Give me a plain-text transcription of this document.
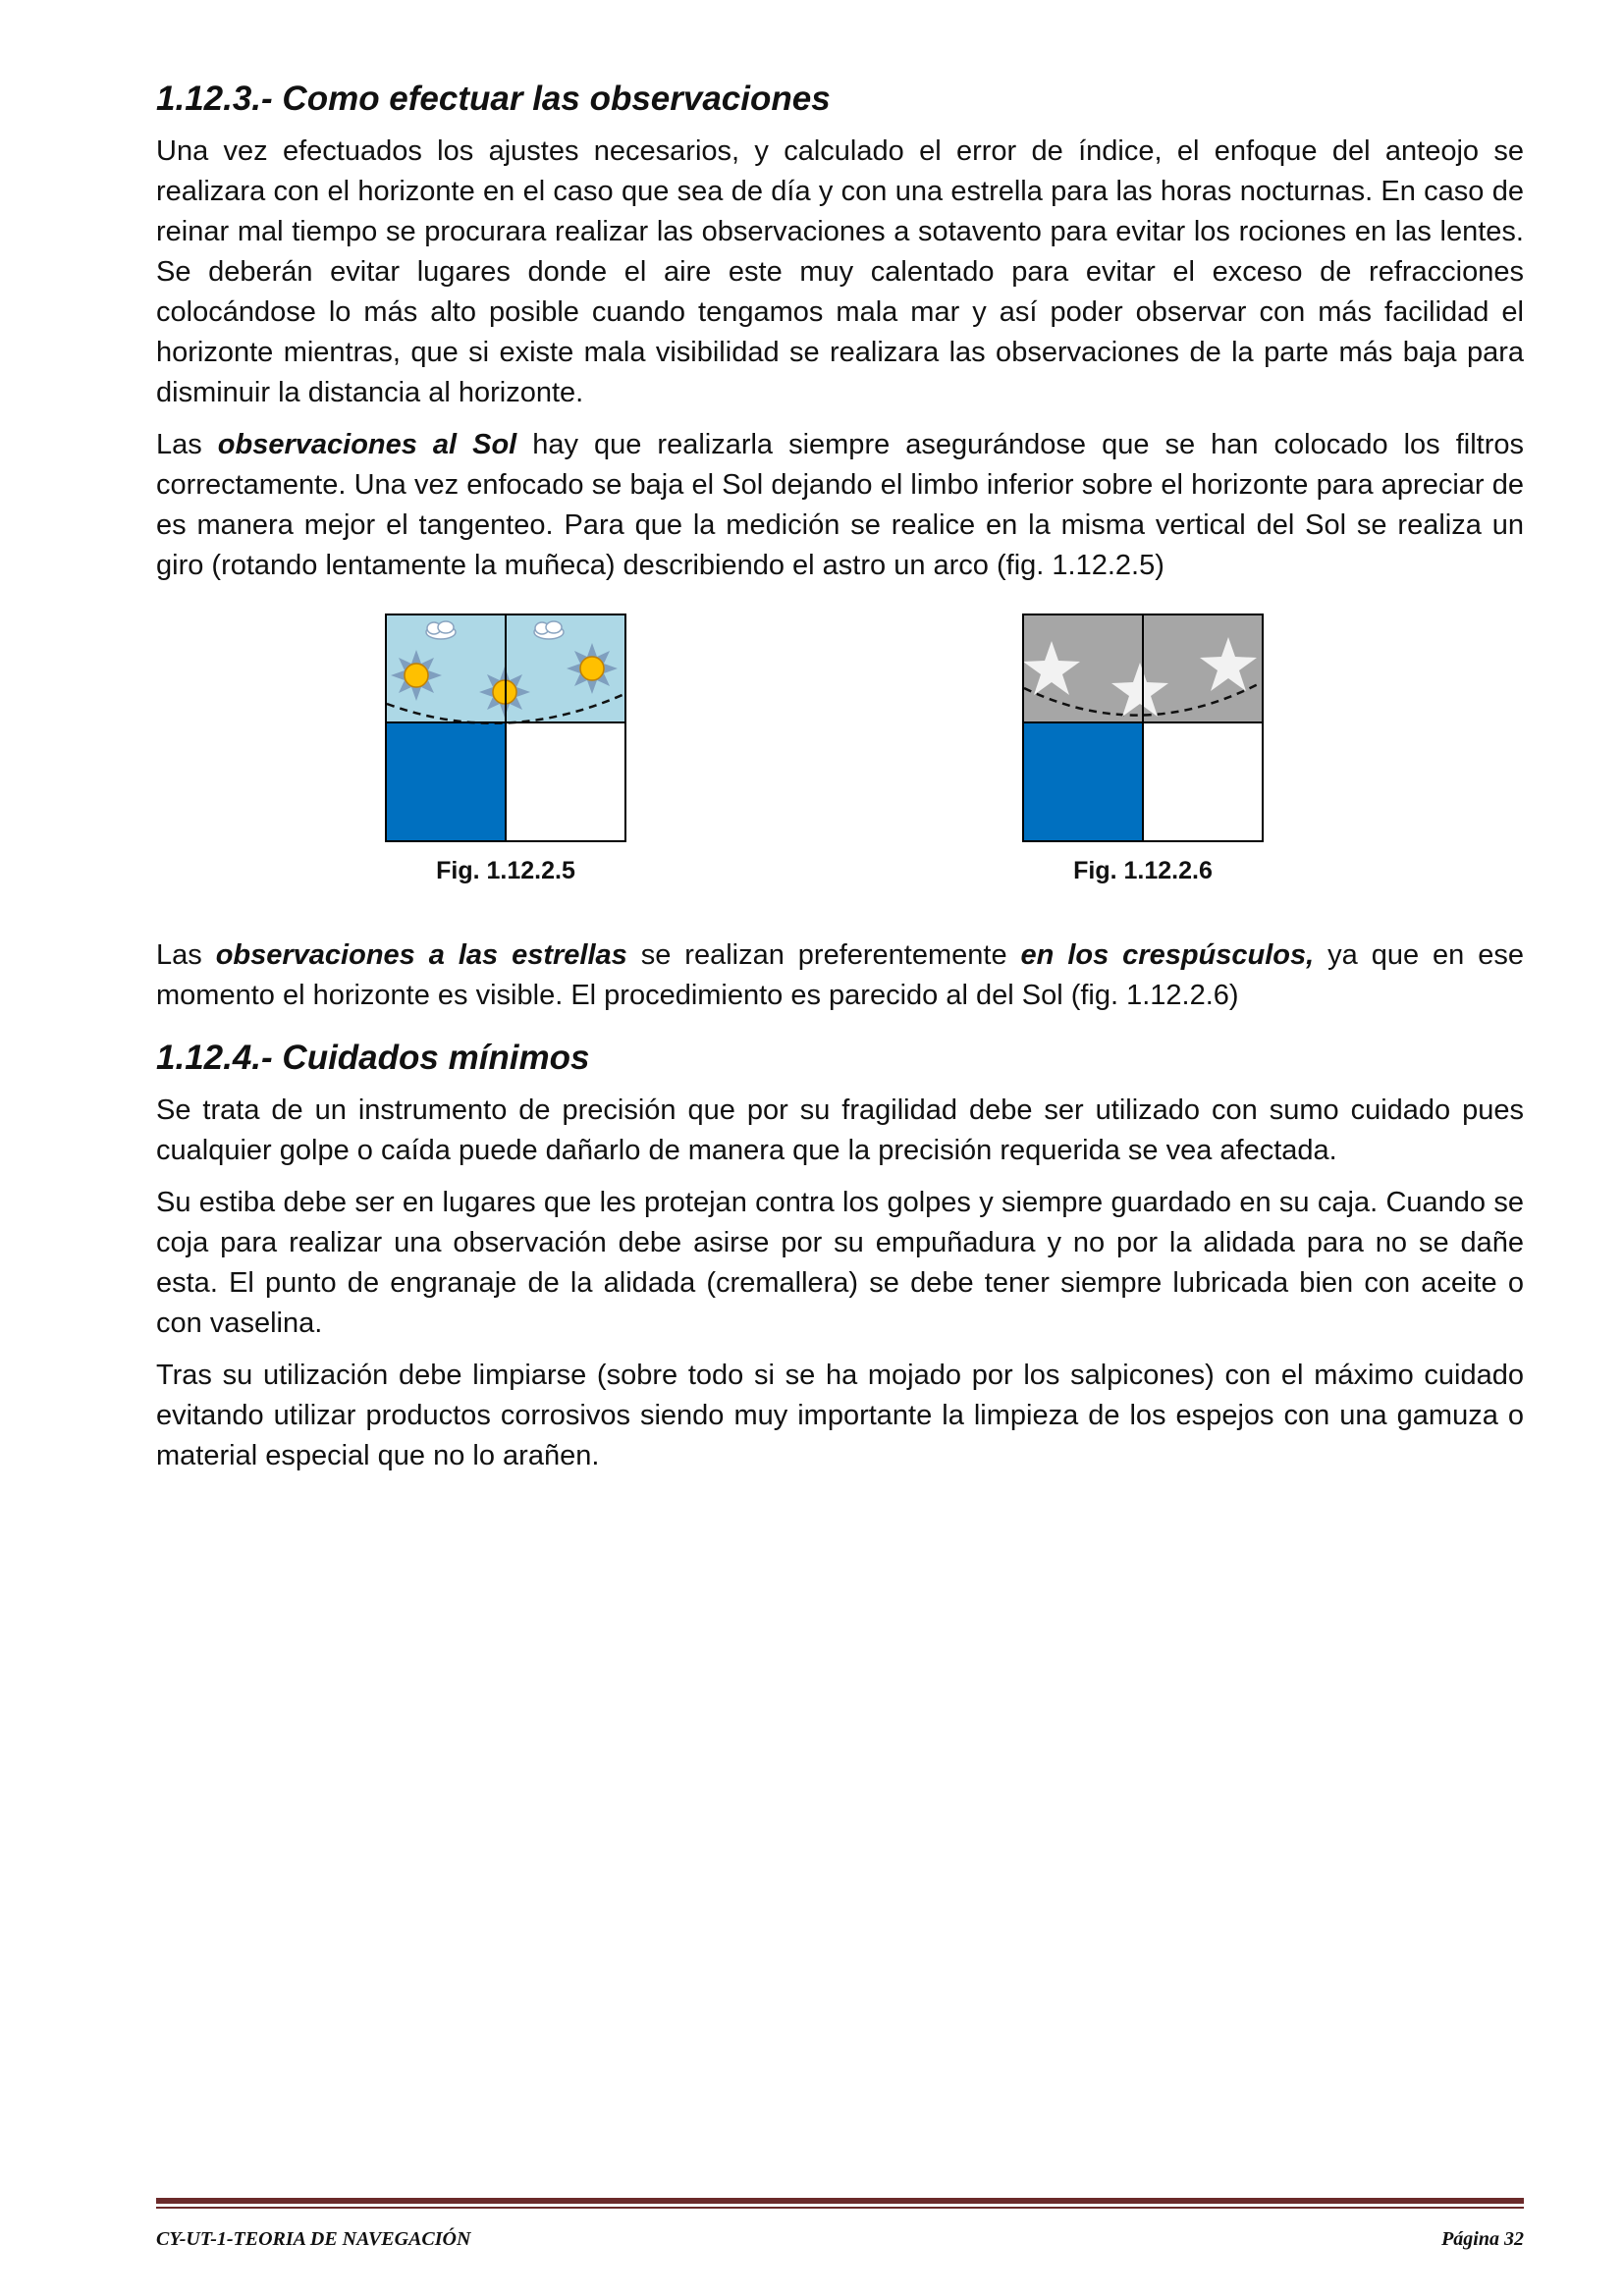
1.12.3.- Como efectuar las observaciones

Una vez efectuados los ajustes necesarios, y calculado el error de índice, el enfoque del anteojo se realizara con el horizonte en el caso que sea de día y con una estrella para las horas nocturnas. En caso de reinar mal tiempo se procurara realizar las observaciones a sotavento para evitar los rociones en las lentes. Se deberán evitar lugares donde el aire este muy calentado para evitar el exceso de refracciones colocándose lo más alto posible cuando tengamos mala mar y así poder observar con más facilidad el horizonte mientras, que si existe mala visibilidad se realizara las observaciones de la parte más baja para disminuir la distancia al horizonte.

Las observaciones al Sol hay que realizarla siempre asegurándose que se han colocado los filtros correctamente. Una vez enfocado se baja el Sol dejando el limbo inferior sobre el horizonte para apreciar de es manera mejor el tangenteo. Para que la medición se realice en la misma vertical del Sol se realiza un giro (rotando lentamente la muñeca) describiendo el astro un arco (fig. 1.12.2.5)

Fig. 1.12.2.5	Fig. 1.12.2.6

Las observaciones a las estrellas se realizan preferentemente en los crespúsculos, ya que en ese momento el horizonte es visible. El procedimiento es parecido al del Sol (fig. 1.12.2.6)

1.12.4.- Cuidados mínimos

Se trata de un instrumento de precisión que por su fragilidad debe ser utilizado con sumo cuidado pues cualquier golpe o caída puede dañarlo de manera que la precisión requerida se vea afectada.

Su estiba debe ser en lugares que les protejan contra los golpes y siempre guardado en su caja. Cuando se coja para realizar una observación debe asirse por su empuñadura y no por la alidada para no se dañe esta. El punto de engranaje de la alidada (cremallera) se debe tener siempre lubricada bien con aceite o con vaselina.

Tras su utilización debe limpiarse (sobre todo si se ha mojado por los salpicones) con el máximo cuidado evitando utilizar productos corrosivos siendo muy importante la limpieza de los espejos con una gamuza o material especial que no lo arañen.

CY-UT-1-TEORIA DE NAVEGACIÓN	Página 32
